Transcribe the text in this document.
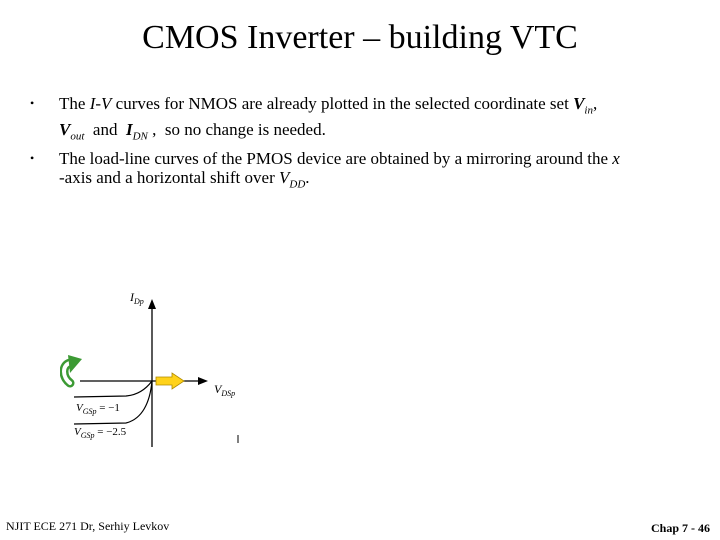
CMOS Inverter – building VTC
• The I-V curves for NMOS are already plotted in the selected coordinate set $V_{in}$,
$V_{out}$  and  $I_{DN}$ ,  so no change is needed.
• The load-line curves of the PMOS device are obtained by a mirroring around the x
-axis and a horizontal shift over $V_{DD}$.
$I_{Dp}$
$V_{DSp}$
$V_{GSp} = -1$
$V_{GSp} = -2.5$
NJIT ECE 271 Dr, Serhiy Levkov	Chap 7 - 46
